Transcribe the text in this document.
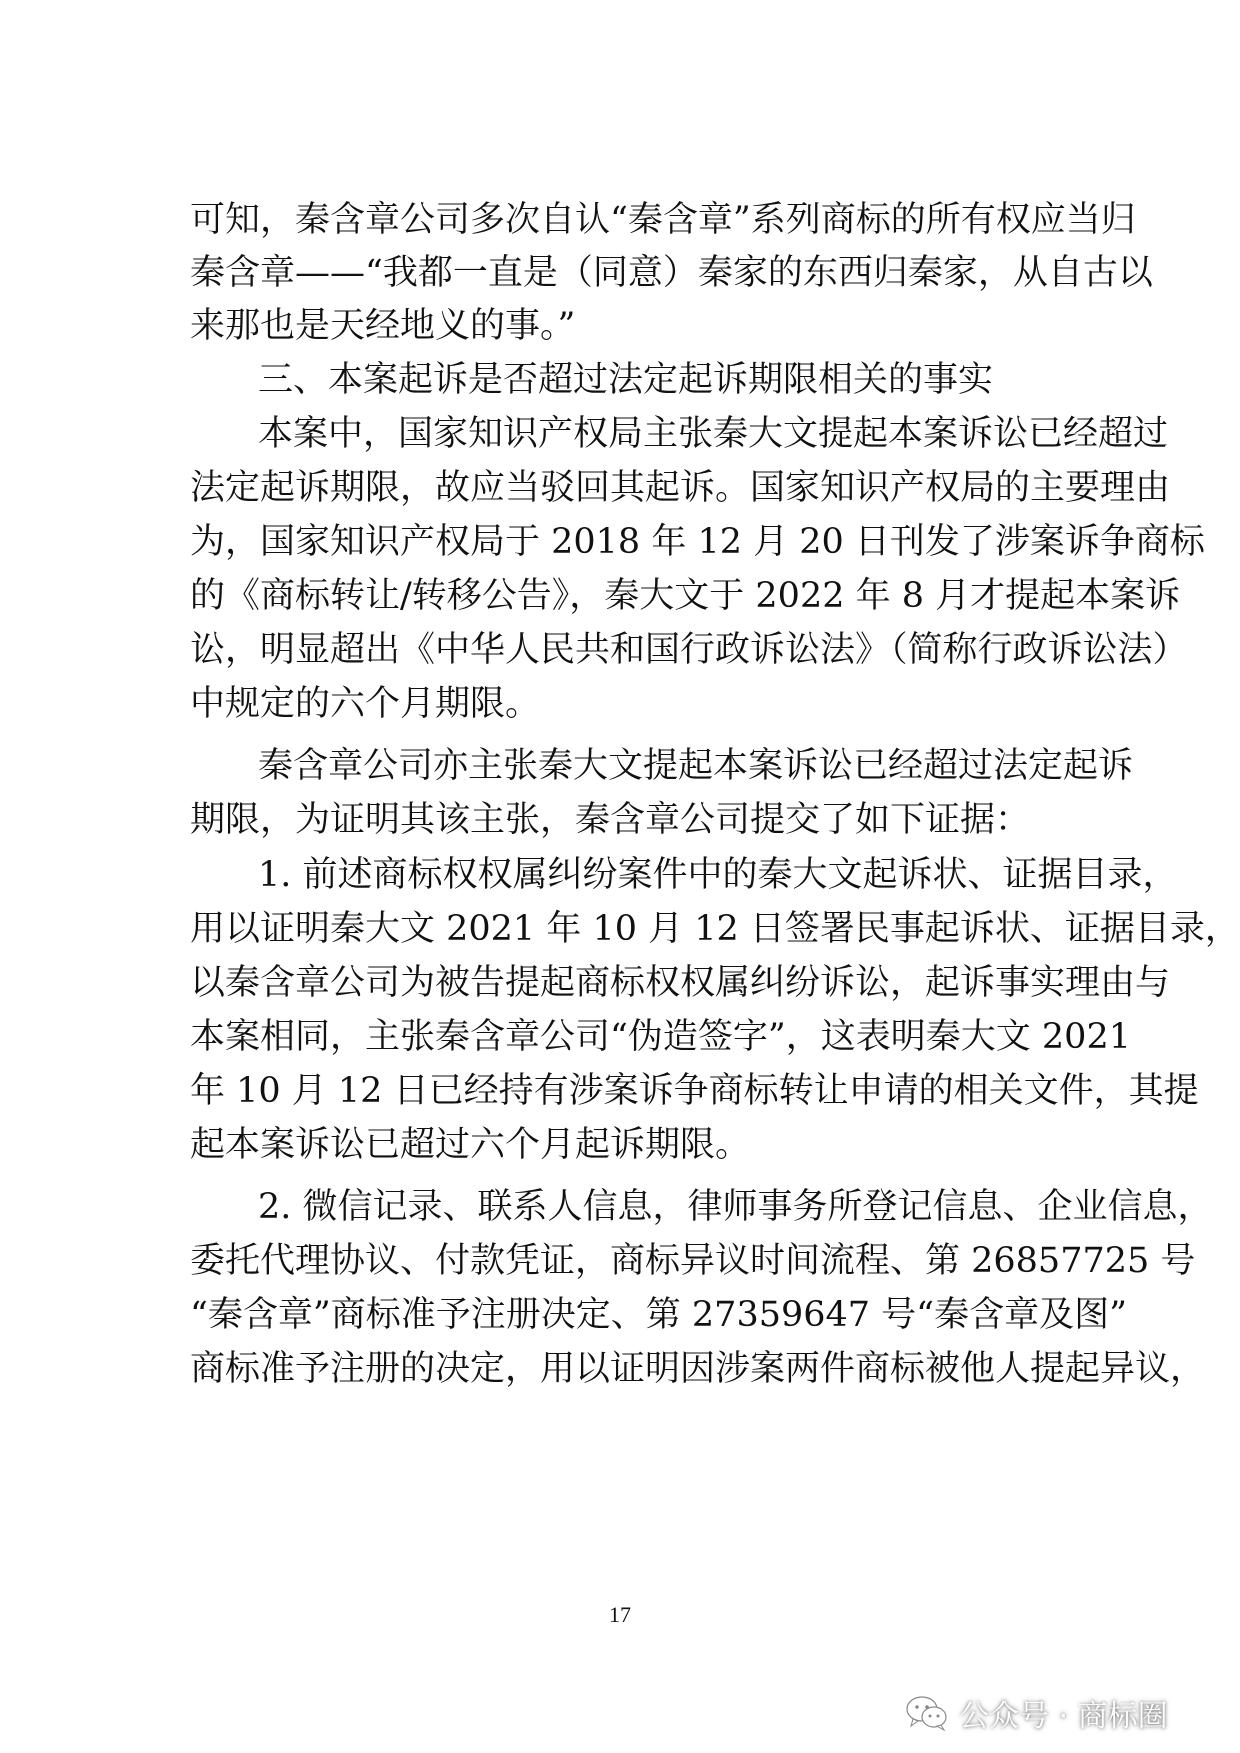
可知，秦含章公司多次自认“秦含章”系列商标的所有权应当归
秦含章——“我都一直是（同意）秦家的东西归秦家，从自古以
来那也是天经地义的事。”
三、本案起诉是否超过法定起诉期限相关的事实
本案中，国家知识产权局主张秦大文提起本案诉讼已经超过
法定起诉期限，故应当驳回其起诉。国家知识产权局的主要理由
为，国家知识产权局于 2018 年 12 月 20 日刊发了涉案诉争商标
的《商标转让/转移公告》，秦大文于 2022 年 8 月才提起本案诉
讼，明显超出《中华人民共和国行政诉讼法》（简称行政诉讼法）
中规定的六个月期限。
秦含章公司亦主张秦大文提起本案诉讼已经超过法定起诉
期限，为证明其该主张，秦含章公司提交了如下证据：
1. 前述商标权权属纠纷案件中的秦大文起诉状、证据目录，
用以证明秦大文 2021 年 10 月 12 日签署民事起诉状、证据目录，
以秦含章公司为被告提起商标权权属纠纷诉讼，起诉事实理由与
本案相同，主张秦含章公司“伪造签字”，这表明秦大文 2021
年 10 月 12 日已经持有涉案诉争商标转让申请的相关文件，其提
起本案诉讼已超过六个月起诉期限。
2. 微信记录、联系人信息，律师事务所登记信息、企业信息，
委托代理协议、付款凭证，商标异议时间流程、第 26857725 号
“秦含章”商标准予注册决定、第 27359647 号“秦含章及图”
商标准予注册的决定，用以证明因涉案两件商标被他人提起异议，
17
公众号 · 商标圈
